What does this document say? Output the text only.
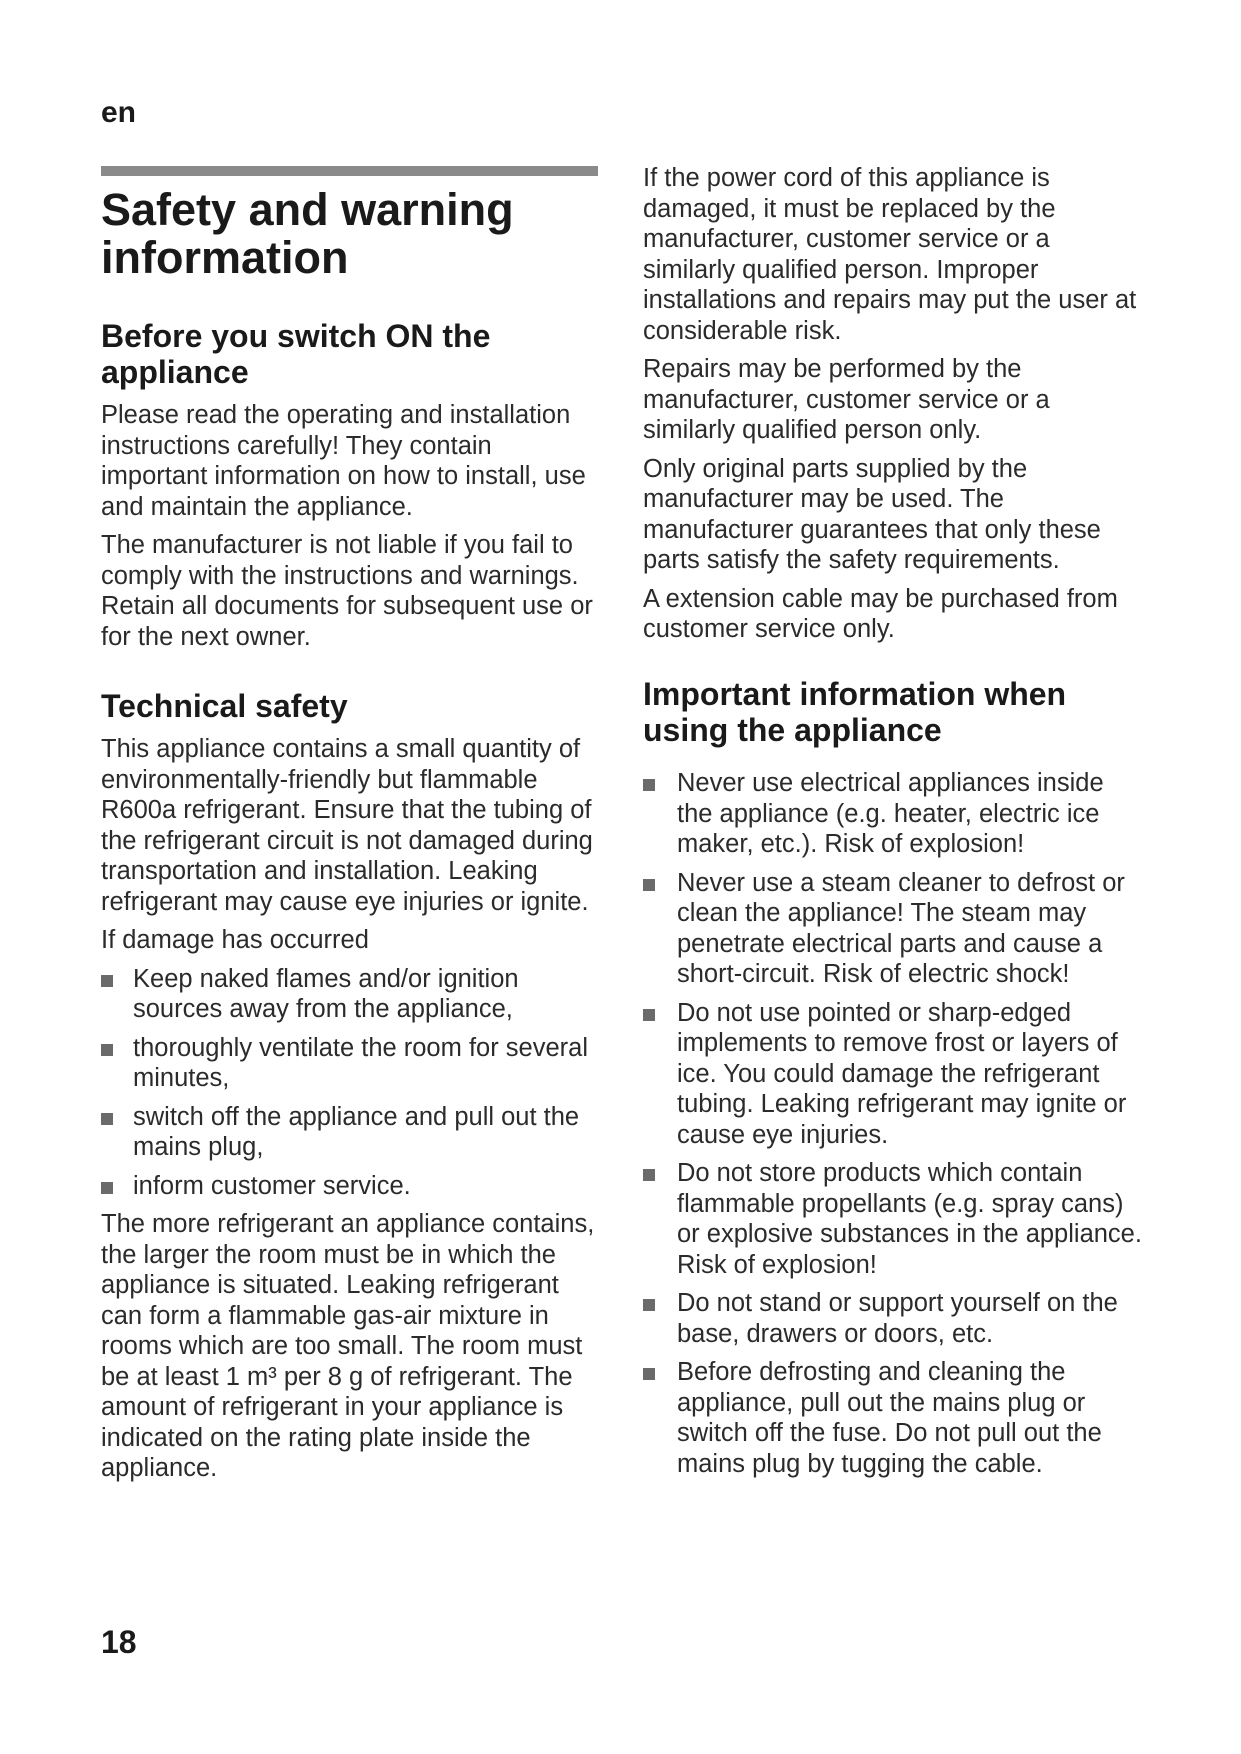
en
Safety and warning information
Before you switch ON the appliance

Please read the operating and installation instructions carefully! They contain important information on how to install, use and maintain the appliance.

The manufacturer is not liable if you fail to comply with the instructions and warnings. Retain all documents for subsequent use or for the next owner.

Technical safety

This appliance contains a small quantity of environmentally-friendly but flammable R600a refrigerant. Ensure that the tubing of the refrigerant circuit is not damaged during transportation and installation. Leaking refrigerant may cause eye injuries or ignite.

If damage has occurred

Keep naked flames and/or ignition sources away from the appliance,
thoroughly ventilate the room for several minutes,
switch off the appliance and pull out the mains plug,
inform customer service.

The more refrigerant an appliance contains, the larger the room must be in which the appliance is situated. Leaking refrigerant can form a flammable gas-air mixture in rooms which are too small. The room must be at least 1 m³ per 8 g of refrigerant. The amount of refrigerant in your appliance is indicated on the rating plate inside the appliance.

If the power cord of this appliance is damaged, it must be replaced by the manufacturer, customer service or a similarly qualified person. Improper installations and repairs may put the user at considerable risk.

Repairs may be performed by the manufacturer, customer service or a similarly qualified person only.

Only original parts supplied by the manufacturer may be used. The manufacturer guarantees that only these parts satisfy the safety requirements.

A extension cable may be purchased from customer service only.

Important information when using the appliance
Never use electrical appliances inside the appliance (e.g. heater, electric ice maker, etc.). Risk of explosion!
Never use a steam cleaner to defrost or clean the appliance! The steam may penetrate electrical parts and cause a short-circuit. Risk of electric shock!
Do not use pointed or sharp-edged implements to remove frost or layers of ice. You could damage the refrigerant tubing. Leaking refrigerant may ignite or cause eye injuries.
Do not store products which contain flammable propellants (e.g. spray cans) or explosive substances in the appliance. Risk of explosion!
Do not stand or support yourself on the base, drawers or doors, etc.
Before defrosting and cleaning the appliance, pull out the mains plug or switch off the fuse. Do not pull out the mains plug by tugging the cable.
18
